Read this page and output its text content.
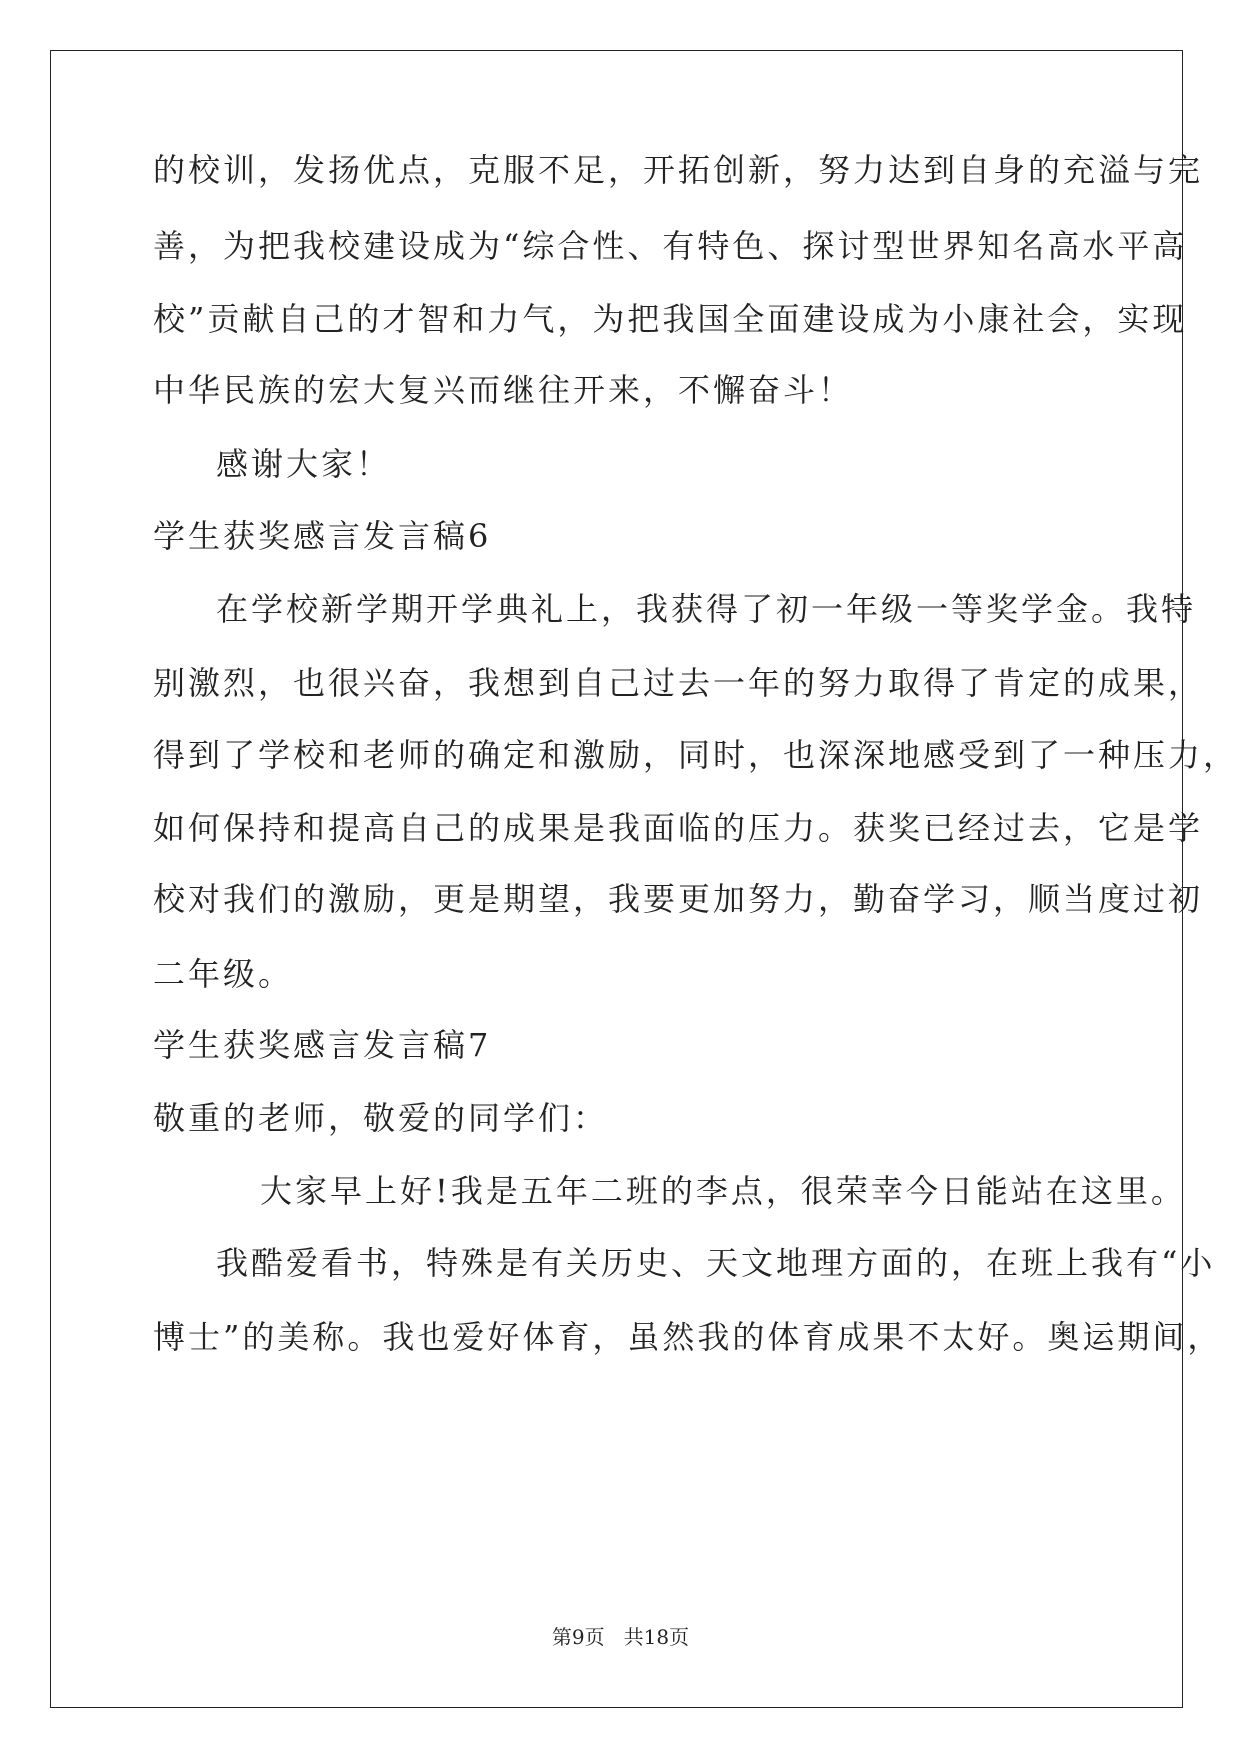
的校训，发扬优点，克服不足，开拓创新，努力达到自身的充溢与完
善，为把我校建设成为“综合性、有特色、探讨型世界知名高水平高
校”贡献自己的才智和力气，为把我国全面建设成为小康社会，实现
中华民族的宏大复兴而继往开来，不懈奋斗！
感谢大家！
学生获奖感言发言稿6
在学校新学期开学典礼上，我获得了初一年级一等奖学金。我特
别激烈，也很兴奋，我想到自己过去一年的努力取得了肯定的成果，
得到了学校和老师的确定和激励，同时，也深深地感受到了一种压力，
如何保持和提高自己的成果是我面临的压力。获奖已经过去，它是学
校对我们的激励，更是期望，我要更加努力，勤奋学习，顺当度过初
二年级。
学生获奖感言发言稿7
敬重的老师，敬爱的同学们：
大家早上好!我是五年二班的李点，很荣幸今日能站在这里。
我酷爱看书，特殊是有关历史、天文地理方面的，在班上我有“小
博士”的美称。我也爱好体育，虽然我的体育成果不太好。奥运期间，
第9页   共18页
